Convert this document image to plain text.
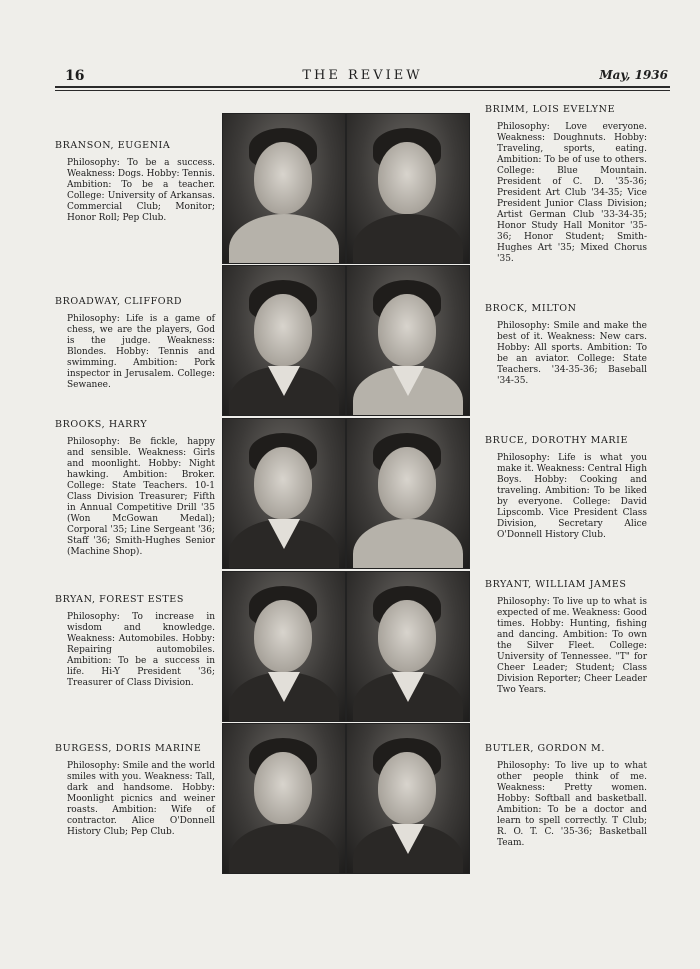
16	THE REVIEW	May, 1936
BRANSON, EUGENIA
Philosophy: To be a success. Weakness: Dogs. Hobby: Tennis. Ambition: To be a teacher. College: University of Arkansas. Commercial Club; Monitor; Honor Roll; Pep Club.
BRIMM, LOIS EVELYNE
Philosophy: Love everyone. Weakness: Doughnuts. Hobby: Traveling, sports, eating. Ambition: To be of use to others. College: Blue Mountain. President of C. D. '35-36; President Art Club '34-35; Vice President Junior Class Division; Artist German Club '33-34-35; Honor Study Hall Monitor '35-36; Honor Student; Smith-Hughes Art '35; Mixed Chorus '35.
BROADWAY, CLIFFORD
Philosophy: Life is a game of chess, we are the players, God is the judge. Weakness: Blondes. Hobby: Tennis and swimming. Ambition: Pork inspector in Jerusalem. College: Sewanee.
BROCK, MILTON
Philosophy: Smile and make the best of it. Weakness: New cars. Hobby: All sports. Ambition: To be an aviator. College: State Teachers. '34-35-36; Baseball '34-35.
BROOKS, HARRY
Philosophy: Be fickle, happy and sensible. Weakness: Girls and moonlight. Hobby: Night hawking. Ambition: Broker. College: State Teachers. 10-1 Class Division Treasurer; Fifth in Annual Competitive Drill '35 (Won McGowan Medal); Corporal '35; Line Sergeant '36; Staff '36; Smith-Hughes Senior (Machine Shop).
BRUCE, DOROTHY MARIE
Philosophy: Life is what you make it. Weakness: Central High Boys. Hobby: Cooking and traveling. Ambition: To be liked by everyone. College: David Lipscomb. Vice President Class Division, Secretary Alice O'Donnell History Club.
BRYAN, FOREST ESTES
Philosophy: To increase in wisdom and knowledge. Weakness: Automobiles. Hobby: Repairing automobiles. Ambition: To be a success in life. Hi-Y President '36; Treasurer of Class Division.
BRYANT, WILLIAM JAMES
Philosophy: To live up to what is expected of me. Weakness: Good times. Hobby: Hunting, fishing and dancing. Ambition: To own the Silver Fleet. College: University of Tennessee. "T" for Cheer Leader; Student; Class Division Reporter; Cheer Leader Two Years.
BURGESS, DORIS MARINE
Philosophy: Smile and the world smiles with you. Weakness: Tall, dark and handsome. Hobby: Moonlight picnics and weiner roasts. Ambition: Wife of contractor. Alice O'Donnell History Club; Pep Club.
BUTLER, GORDON M.
Philosophy: To live up to what other people think of me. Weakness: Pretty women. Hobby: Softball and basketball. Ambition: To be a doctor and learn to spell correctly. T Club; R. O. T. C. '35-36; Basketball Team.
